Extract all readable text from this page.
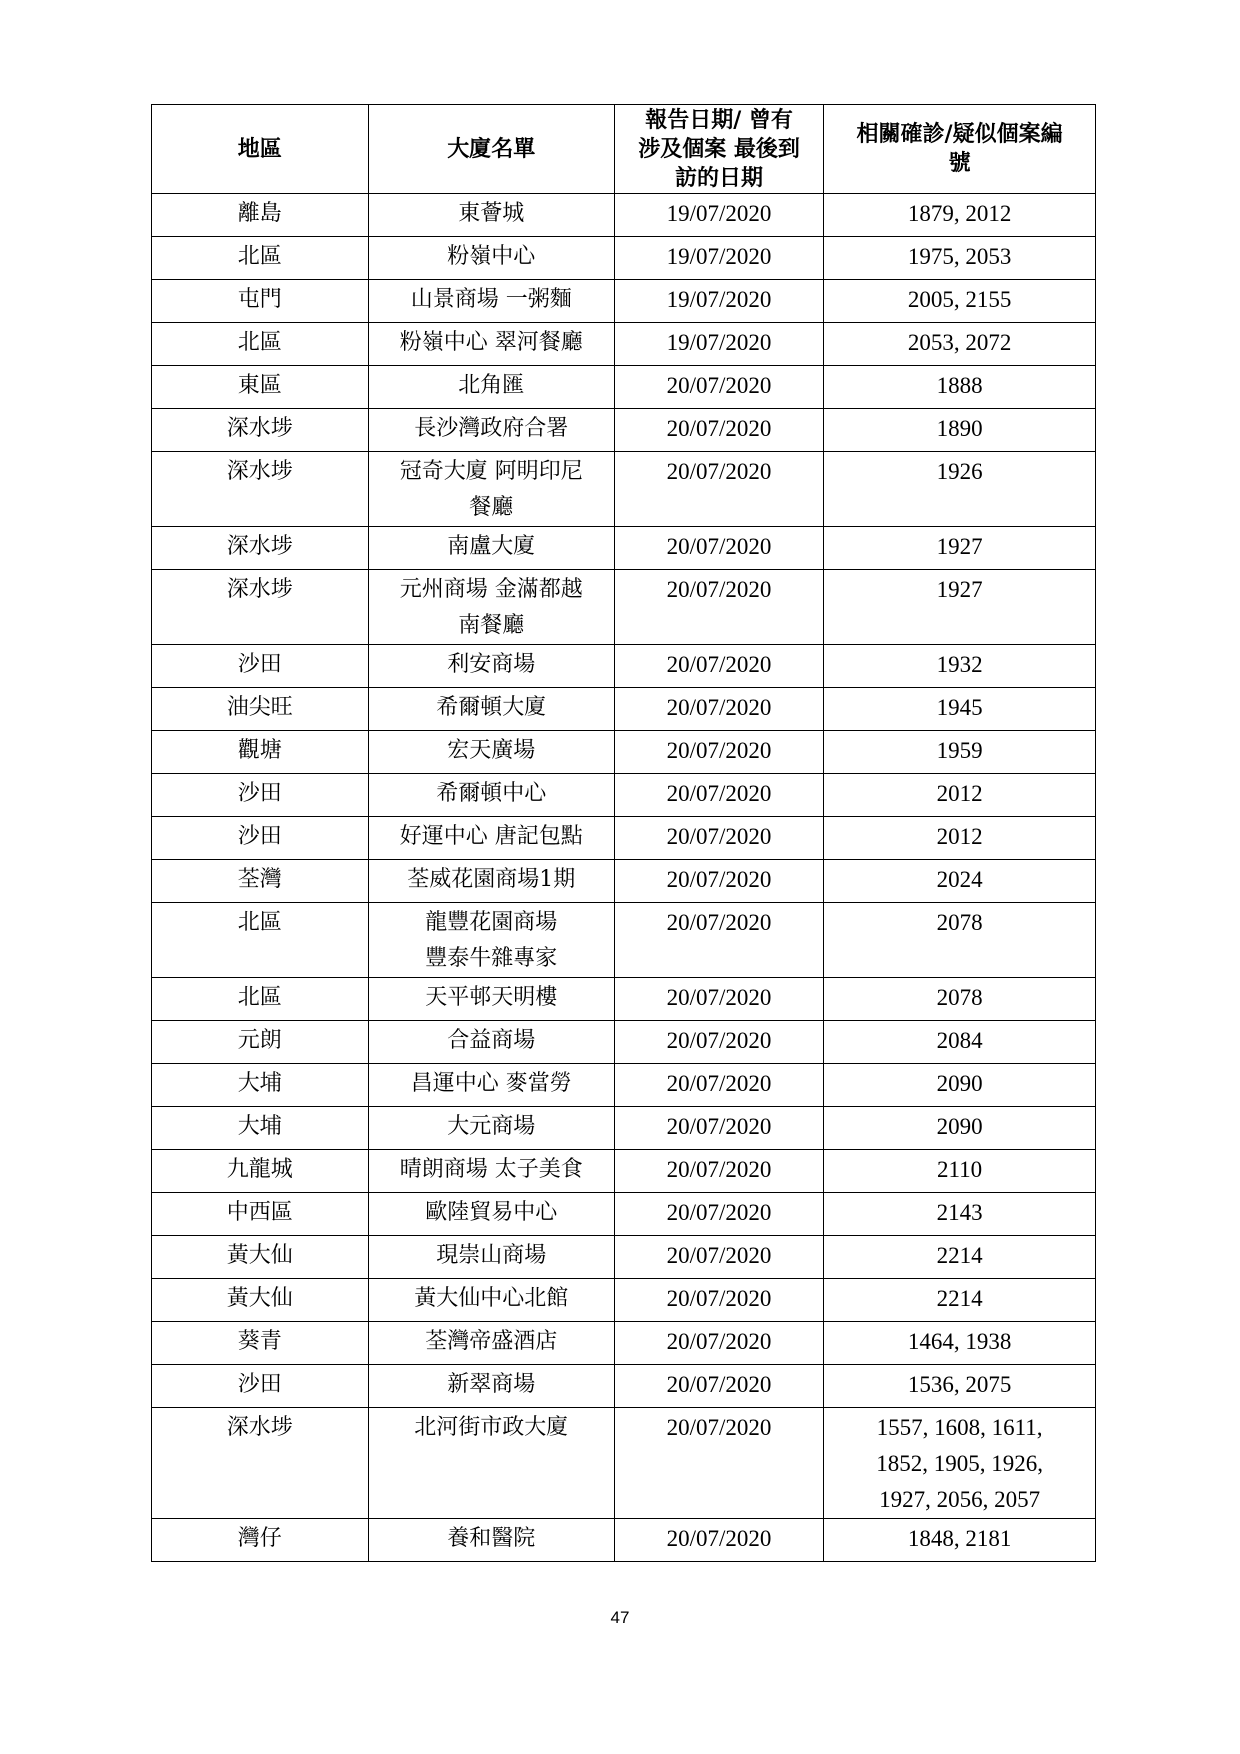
地區	大廈名單	報告日期/ 曾有涉及個案 最後到訪的日期	相關確診/疑似個案編 號

離島	東薈城	19/07/2020	1879, 2012

北區	粉嶺中心	19/07/2020	1975, 2053

屯門	山景商場 一粥麵	19/07/2020	2005, 2155

北區	粉嶺中心 翠河餐廳	19/07/2020	2053, 2072

東區	北角匯	20/07/2020	1888

深水埗	長沙灣政府合署	20/07/2020	1890

深水埗	冠奇大廈 阿明印尼 餐廳	20/07/2020	1926

深水埗	南盧大廈	20/07/2020	1927

深水埗	元州商場 金滿都越 南餐廳	20/07/2020	1927

沙田	利安商場	20/07/2020	1932

油尖旺	希爾頓大廈	20/07/2020	1945

觀塘	宏天廣場	20/07/2020	1959

沙田	希爾頓中心	20/07/2020	2012

沙田	好運中心 唐記包點	20/07/2020	2012

荃灣	荃威花園商場1期	20/07/2020	2024

北區	龍豐花園商場 豐泰牛雜專家	20/07/2020	2078

北區	天平邨天明樓	20/07/2020	2078

元朗	合益商場	20/07/2020	2084

大埔	昌運中心 麥當勞	20/07/2020	2090

大埔	大元商場	20/07/2020	2090

九龍城	晴朗商場 太子美食	20/07/2020	2110

中西區	歐陸貿易中心	20/07/2020	2143

黃大仙	現崇山商場	20/07/2020	2214

黃大仙	黃大仙中心北館	20/07/2020	2214

葵青	荃灣帝盛酒店	20/07/2020	1464, 1938

沙田	新翠商場	20/07/2020	1536, 2075

深水埗	北河街市政大廈	20/07/2020	1557, 1608, 1611, 1852, 1905, 1926, 1927, 2056, 2057

灣仔	養和醫院	20/07/2020	1848, 2181
47
